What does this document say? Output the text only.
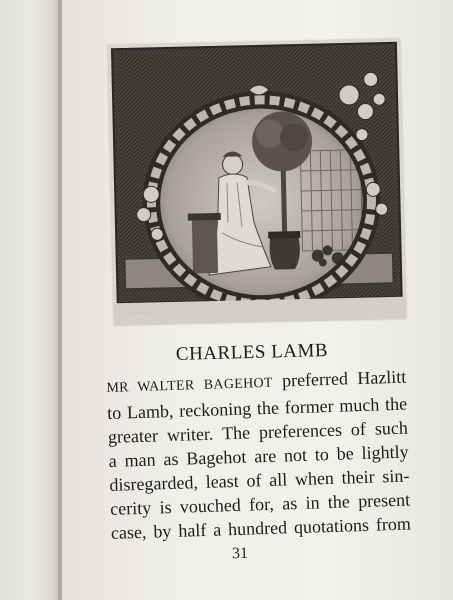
· · · · · · · ·
· · · · · ·
CHARLES LAMB
MR WALTER BAGEHOT preferred Hazlitt
to Lamb, reckoning the former much the
greater writer. The preferences of such
a man as Bagehot are not to be lightly
disregarded, least of all when their sin-
cerity is vouched for, as in the present
case, by half a hundred quotations from
31
